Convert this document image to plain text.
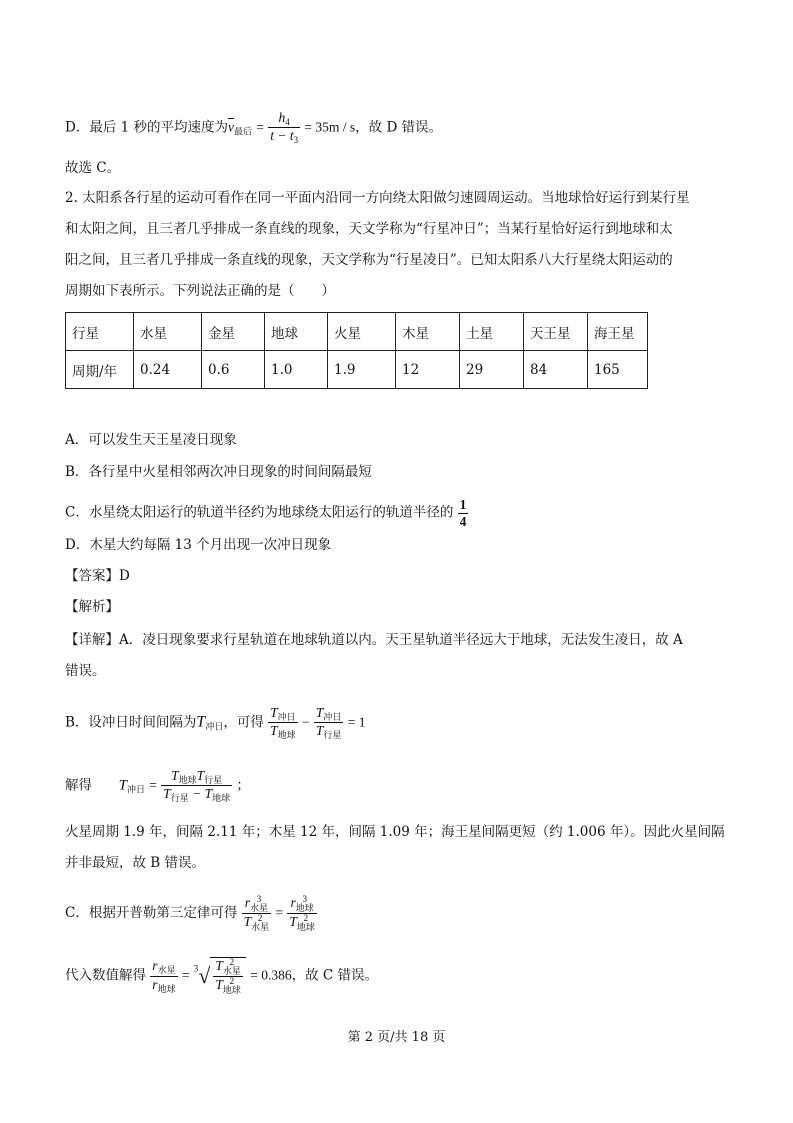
D．最后 1 秒的平均速度为$\overline{v}_{最后} = \frac{h_4}{t - t_3} = 35m / s$，故 D 错误。
故选 C。
2. 太阳系各行星的运动可看作在同一平面内沿同一方向绕太阳做匀速圆周运动。当地球恰好运行到某行星
和太阳之间，且三者几乎排成一条直线的现象，天文学称为“行星冲日”；当某行星恰好运行到地球和太
阳之间，且三者几乎排成一条直线的现象，天文学称为“行星凌日”。已知太阳系八大行星绕太阳运动的
周期如下表所示。下列说法正确的是（　　）
行星	水星	金星	地球	火星	木星	土星	天王星	海王星
周期/年	0.24	0.6	1.0	1.9	12	29	84	165
A．可以发生天王星凌日现象
B．各行星中火星相邻两次冲日现象的时间间隔最短
C．水星绕太阳运行的轨道半径约为地球绕太阳运行的轨道半径的 $\frac{1}{4}$
D．木星大约每隔 13 个月出现一次冲日现象
【答案】D
【解析】
【详解】A．凌日现象要求行星轨道在地球轨道以内。天王星轨道半径远大于地球，无法发生凌日，故 A
错误。
B．设冲日时间间隔为$T_{冲日}$，可得 $\frac{T_{冲日}}{T_{地球}} - \frac{T_{冲日}}{T_{行星}} = 1$
解得 $T_{冲日} = \frac{T_{地球}T_{行星}}{T_{行星} - T_{地球}}$ ；
火星周期 1.9 年，间隔 2.11 年；木星 12 年，间隔 1.09 年；海王星间隔更短（约 1.006 年）。因此火星间隔
并非最短，故 B 错误。
C．根据开普勒第三定律可得
r 3
水星
T 2
水星
=
r 3
地球
T 2
地球
代入数值解得 $\frac{r_{水星}}{r_{地球}} = ^3√$ T 2
水星
T 2
地球
= 0.386，故 C 错误。
第 2 页/共 18 页
